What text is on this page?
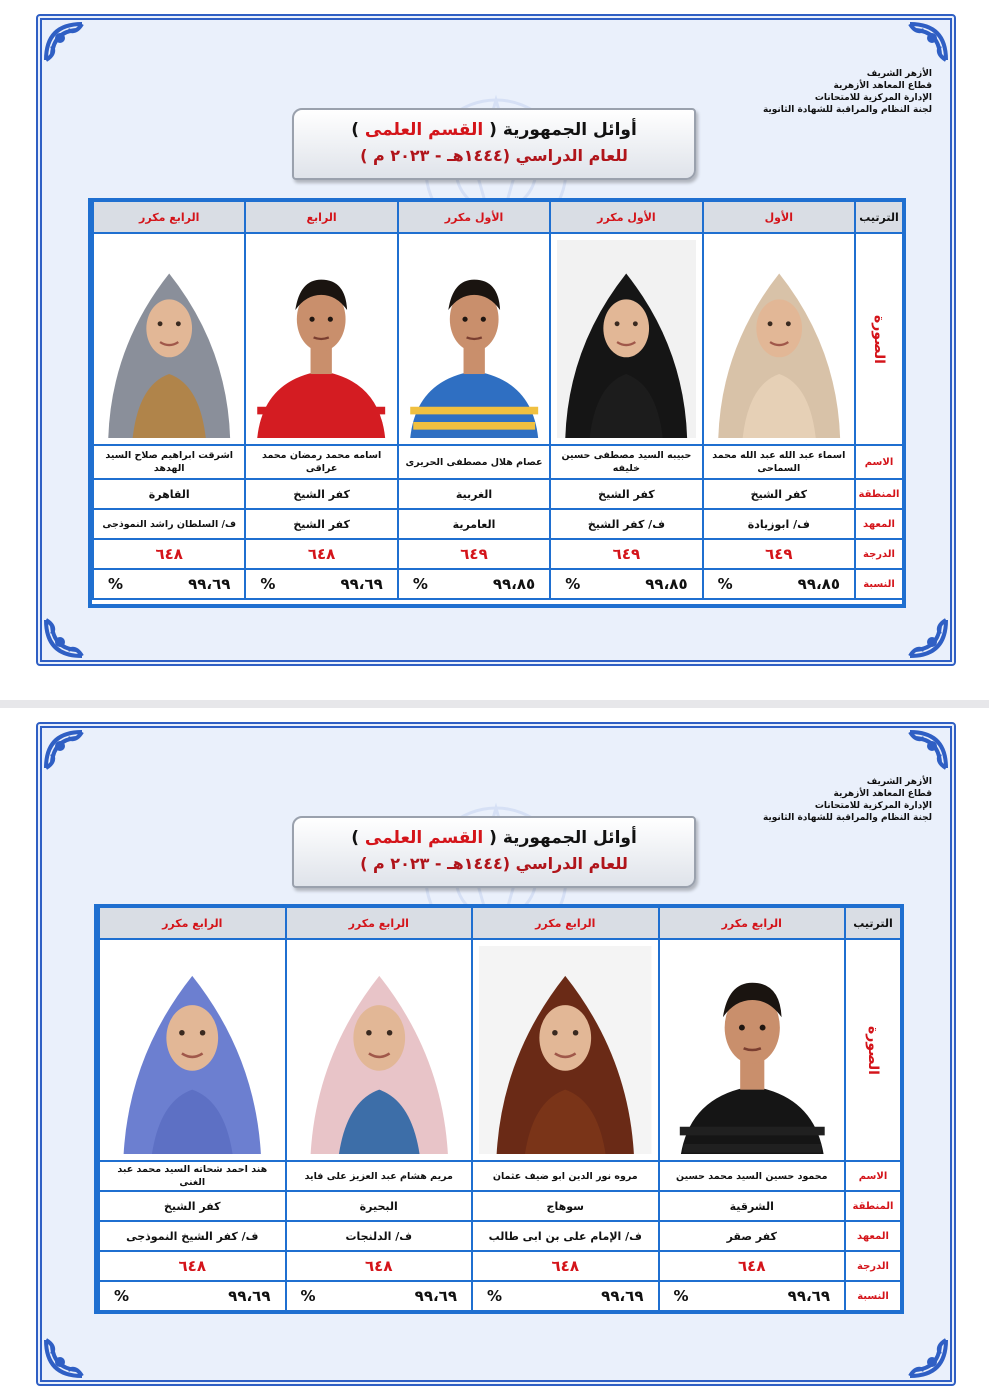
الأزهر الشريف
قطاع المعاهد الأزهرية
الإدارة المركزية للامتحانات
لجنة النظام والمراقبة للشهادة الثانوية
أوائل الجمهورية ( القسم العلمى )
للعام الدراسي (١٤٤٤هـ - ٢٠٢٣ م )
الترتيب
الأول
الأول مكرر
الأول مكرر
الرابع
الرابع مكرر
الصورة
الاسم
اسماء عبد الله عبد الله محمد السماحى
حبيبه السيد مصطفى حسين خليفه
عصام هلال مصطفى الحريرى
اسامه محمد رمضان محمد عراقى
اشرقت ابراهيم صلاح السيد الهدهد
المنطقة
كفر الشيخ
كفر الشيخ
الغربية
كفر الشيخ
القاهرة
المعهد
ف/ ابوزيادة
ف/ كفر الشيخ
العامرية
كفر الشيخ
ف/ السلطان راشد النموذجى
الدرجة
٦٤٩
٦٤٩
٦٤٩
٦٤٨
٦٤٨
النسبة
٩٩،٨٥
%
٩٩،٨٥
%
٩٩،٨٥
%
٩٩،٦٩
%
٩٩،٦٩
%
الأزهر الشريف
قطاع المعاهد الأزهرية
الإدارة المركزية للامتحانات
لجنة النظام والمراقبة للشهادة الثانوية
أوائل الجمهورية ( القسم العلمى )
للعام الدراسي (١٤٤٤هـ - ٢٠٢٣ م )
الترتيب
الرابع مكرر
الرابع مكرر
الرابع مكرر
الرابع مكرر
الصورة
الاسم
محمود حسين السيد محمد حسين
مروه نور الدين ابو ضيف عثمان
مريم هشام عبد العزيز على فايد
هند احمد شحاته السيد محمد عبد الغنى
المنطقة
الشرقية
سوهاج
البحيرة
كفر الشيخ
المعهد
كفر صقر
ف/ الإمام على بن ابى طالب
ف/ الدلنجات
ف/ كفر الشيخ النموذجى
الدرجة
٦٤٨
٦٤٨
٦٤٨
٦٤٨
النسبة
٩٩،٦٩
%
٩٩،٦٩
%
٩٩،٦٩
%
٩٩،٦٩
%
